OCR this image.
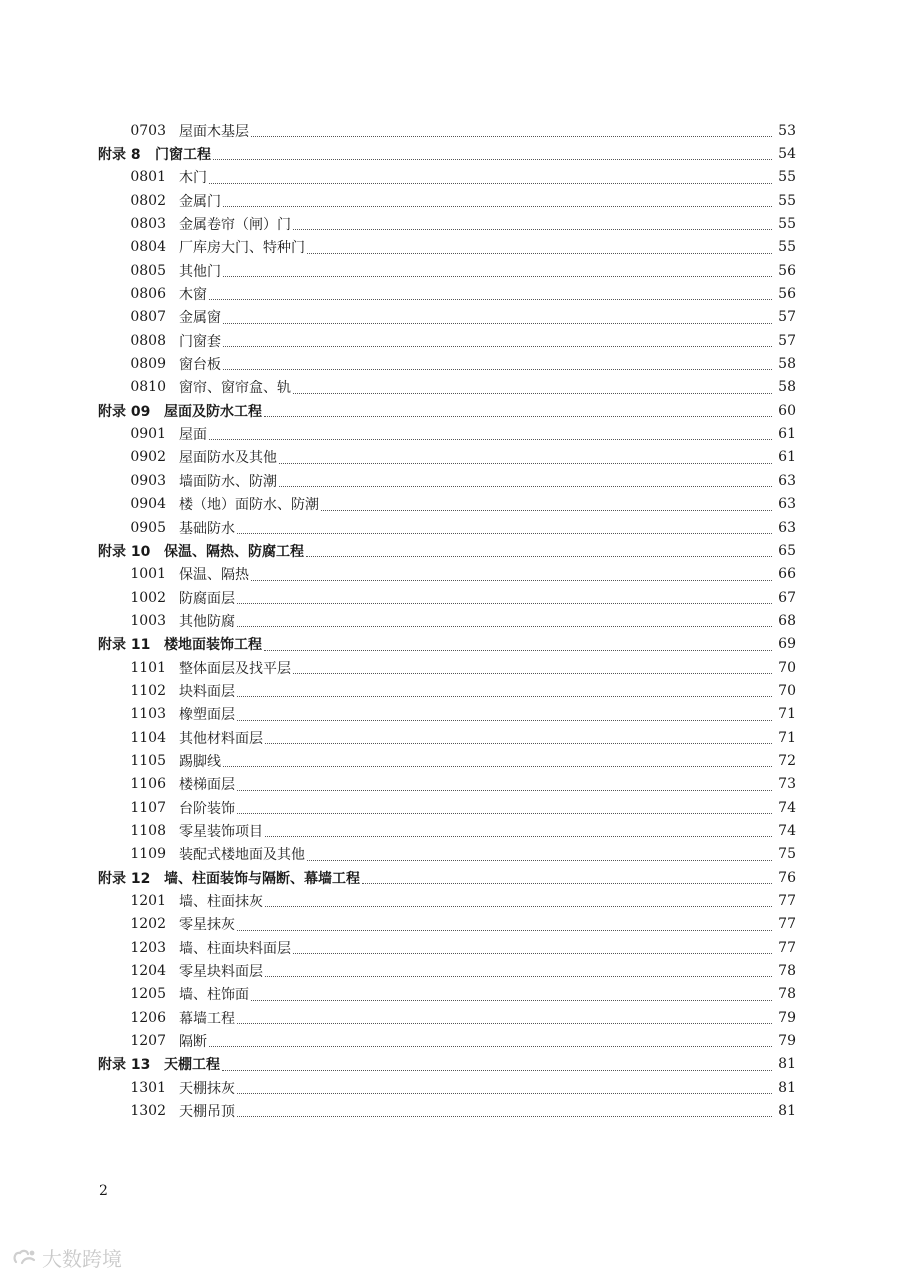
0703 屋面木基层	53
附录 8 门窗工程	54
0801 木门	55
0802 金属门	55
0803 金属卷帘（闸）门	55
0804 厂库房大门、特种门	55
0805 其他门	56
0806 木窗	56
0807 金属窗	57
0808 门窗套	57
0809 窗台板	58
0810 窗帘、窗帘盒、轨	58
附录 09 屋面及防水工程	60
0901 屋面	61
0902 屋面防水及其他	61
0903 墙面防水、防潮	63
0904 楼（地）面防水、防潮	63
0905 基础防水	63
附录 10 保温、隔热、防腐工程	65
1001 保温、隔热	66
1002 防腐面层	67
1003 其他防腐	68
附录 11 楼地面装饰工程	69
1101 整体面层及找平层	70
1102 块料面层	70
1103 橡塑面层	71
1104 其他材料面层	71
1105 踢脚线	72
1106 楼梯面层	73
1107 台阶装饰	74
1108 零星装饰项目	74
1109 装配式楼地面及其他	75
附录 12 墙、柱面装饰与隔断、幕墙工程	76
1201 墙、柱面抹灰	77
1202 零星抹灰	77
1203 墙、柱面块料面层	77
1204 零星块料面层	78
1205 墙、柱饰面	78
1206 幕墙工程	79
1207 隔断	79
附录 13 天棚工程	81
1301 天棚抹灰	81
1302 天棚吊顶	81
2
大数跨境
